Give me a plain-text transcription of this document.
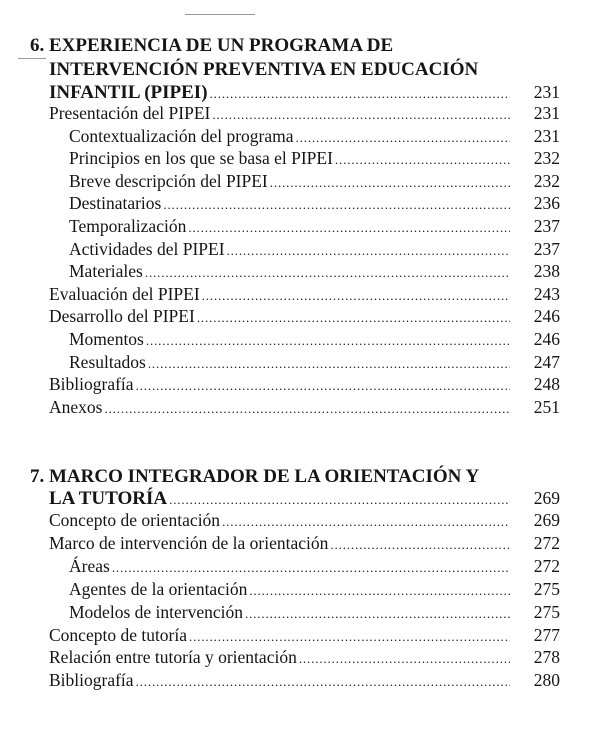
6. EXPERIENCIA DE UN PROGRAMA DE
INTERVENCIÓN PREVENTIVA EN EDUCACIÓN
INFANTIL (PIPEI) . . .	231
Presentación del PIPEI . . .	231
Contextualización del programa . . .	231
Principios en los que se basa el PIPEI . . .	232
Breve descripción del PIPEI . . .	232
Destinatarios . . .	236
Temporalización . . .	237
Actividades del PIPEI . . .	237
Materiales . . .	238
Evaluación del PIPEI . . .	243
Desarrollo del PIPEI . . .	246
Momentos . . .	246
Resultados . . .	247
Bibliografía . . .	248
Anexos . . .	251
7. MARCO INTEGRADOR DE LA ORIENTACIÓN Y
LA TUTORÍA . . .	269
Concepto de orientación . . .	269
Marco de intervención de la orientación . . .	272
Áreas . . .	272
Agentes de la orientación . . .	275
Modelos de intervención . . .	275
Concepto de tutoría . . .	277
Relación entre tutoría y orientación . . .	278
Bibliografía . . .	280
